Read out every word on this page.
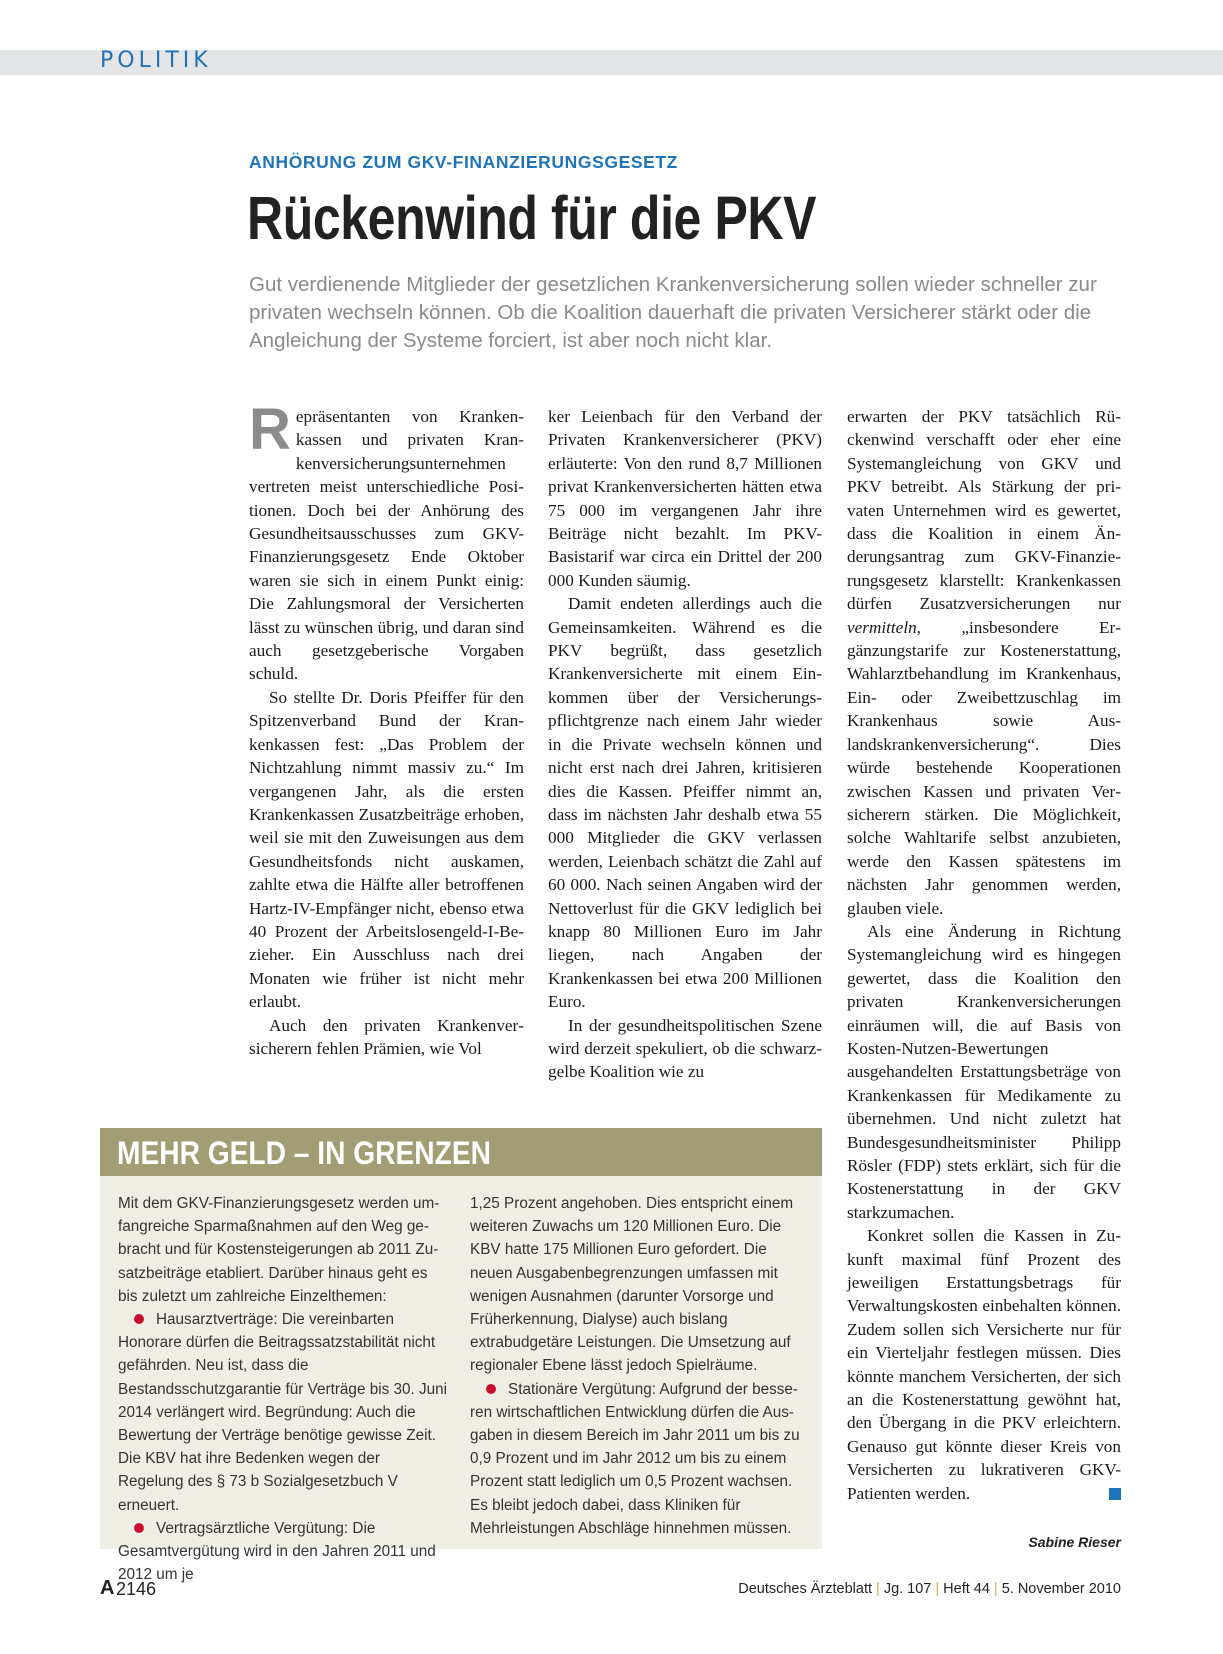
POLITIK
ANHÖRUNG ZUM GKV-FINANZIERUNGSGESETZ
Rückenwind für die PKV
Gut verdienende Mitglieder der gesetzlichen Krankenversicherung sollen wieder schneller zur privaten wechseln können. Ob die Koalition dauerhaft die privaten Versicherer stärkt oder die Angleichung der Systeme forciert, ist aber noch nicht klar.

Repräsentanten von Krankenkassen und privaten Krankenversicherungsunternehmen vertreten meist unterschiedliche Positionen. Doch bei der Anhörung des Gesundheitsausschusses zum GKV-Finanzierungsgesetz Ende Oktober waren sie sich in einem Punkt einig: Die Zahlungsmoral der Versicherten lässt zu wünschen übrig, und daran sind auch gesetzgeberische Vorgaben schuld.

So stellte Dr. Doris Pfeiffer für den Spitzenverband Bund der Krankenkassen fest: „Das Problem der Nichtzahlung nimmt massiv zu.“ Im vergangenen Jahr, als die ersten Krankenkassen Zusatzbeiträge erhoben, weil sie mit den Zuweisungen aus dem Gesundheitsfonds nicht auskamen, zahlte etwa die Hälfte aller betroffenen Hartz-IV-Empfänger nicht, ebenso etwa 40 Prozent der Arbeitslosengeld-I-Bezieher. Ein Ausschluss nach drei Monaten wie früher ist nicht mehr erlaubt.

Auch den privaten Krankenversicherern fehlen Prämien, wie Vol

ker Leienbach für den Verband der Privaten Krankenversicherer (PKV) erläuterte: Von den rund 8,7 Millionen privat Krankenversicherten hätten etwa 75 000 im vergangenen Jahr ihre Beiträge nicht bezahlt. Im PKV-Basistarif war circa ein Drittel der 200 000 Kunden säumig.

Damit endeten allerdings auch die Gemeinsamkeiten. Während es die PKV begrüßt, dass gesetzlich Krankenversicherte mit einem Einkommen über der Versicherungspflichtgrenze nach einem Jahr wieder in die Private wechseln können und nicht erst nach drei Jahren, kritisieren dies die Kassen. Pfeiffer nimmt an, dass im nächsten Jahr deshalb etwa 55 000 Mitglieder die GKV verlassen werden, Leienbach schätzt die Zahl auf 60 000. Nach seinen Angaben wird der Nettoverlust für die GKV lediglich bei knapp 80 Millionen Euro im Jahr liegen, nach Angaben der Krankenkassen bei etwa 200 Millionen Euro.

In der gesundheitspolitischen Szene wird derzeit spekuliert, ob die schwarz-gelbe Koalition wie zu

erwarten der PKV tatsächlich Rückenwind verschafft oder eher eine Systemangleichung von GKV und PKV betreibt. Als Stärkung der privaten Unternehmen wird es gewertet, dass die Koalition in einem Änderungsantrag zum GKV-Finanzierungsgesetz klarstellt: Krankenkassen dürfen Zusatzversicherungen nur vermitteln, „insbesondere Ergänzungstarife zur Kostenerstattung, Wahlarztbehandlung im Krankenhaus, Ein- oder Zweibettzuschlag im Krankenhaus sowie Auslandskrankenversicherung“. Dies würde bestehende Kooperationen zwischen Kassen und privaten Versicherern stärken. Die Möglichkeit, solche Wahltarife selbst anzubieten, werde den Kassen spätestens im nächsten Jahr genommen werden, glauben viele.

Als eine Änderung in Richtung Systemangleichung wird es hingegen gewertet, dass die Koalition den privaten Krankenversicherungen einräumen will, die auf Basis von Kosten-Nutzen-Bewertungen ausgehandelten Erstattungsbeträge von Krankenkassen für Medikamente zu übernehmen. Und nicht zuletzt hat Bundesgesundheitsminister Philipp Rösler (FDP) stets erklärt, sich für die Kostenerstattung in der GKV starkzumachen.

Konkret sollen die Kassen in Zukunft maximal fünf Prozent des jeweiligen Erstattungsbetrags für Verwaltungskosten einbehalten können. Zudem sollen sich Versicherte nur für ein Vierteljahr festlegen müssen. Dies könnte manchem Versicherten, der sich an die Kostenerstattung gewöhnt hat, den Übergang in die PKV erleichtern. Genauso gut könnte dieser Kreis von Versicherten zu lukrativeren GKV-Patienten werden.

Sabine Rieser
MEHR GELD – IN GRENZEN

Mit dem GKV-Finanzierungsgesetz werden umfangreiche Sparmaßnahmen auf den Weg gebracht und für Kostensteigerungen ab 2011 Zusatzbeiträge etabliert. Darüber hinaus geht es bis zuletzt um zahlreiche Einzelthemen:

Hausarztverträge: Die vereinbarten Honorare dürfen die Beitragssatzstabilität nicht gefährden. Neu ist, dass die Bestandsschutzgarantie für Verträge bis 30. Juni 2014 verlängert wird. Begründung: Auch die Bewertung der Verträge benötige gewisse Zeit. Die KBV hat ihre Bedenken wegen der Regelung des § 73 b Sozialgesetzbuch V erneuert.

Vertragsärztliche Vergütung: Die Gesamtvergütung wird in den Jahren 2011 und 2012 um je

1,25 Prozent angehoben. Dies entspricht einem weiteren Zuwachs um 120 Millionen Euro. Die KBV hatte 175 Millionen Euro gefordert. Die neuen Ausgabenbegrenzungen umfassen mit wenigen Ausnahmen (darunter Vorsorge und Früherkennung, Dialyse) auch bislang extrabudgetäre Leistungen. Die Umsetzung auf regionaler Ebene lässt jedoch Spielräume.

Stationäre Vergütung: Aufgrund der besseren wirtschaftlichen Entwicklung dürfen die Ausgaben in diesem Bereich im Jahr 2011 um bis zu 0,9 Prozent und im Jahr 2012 um bis zu einem Prozent statt lediglich um 0,5 Prozent wachsen. Es bleibt jedoch dabei, dass Kliniken für Mehrleistungen Abschläge hinnehmen müssen.

A 2146	Deutsches Ärzteblatt | Jg. 107 | Heft 44 | 5. November 2010
